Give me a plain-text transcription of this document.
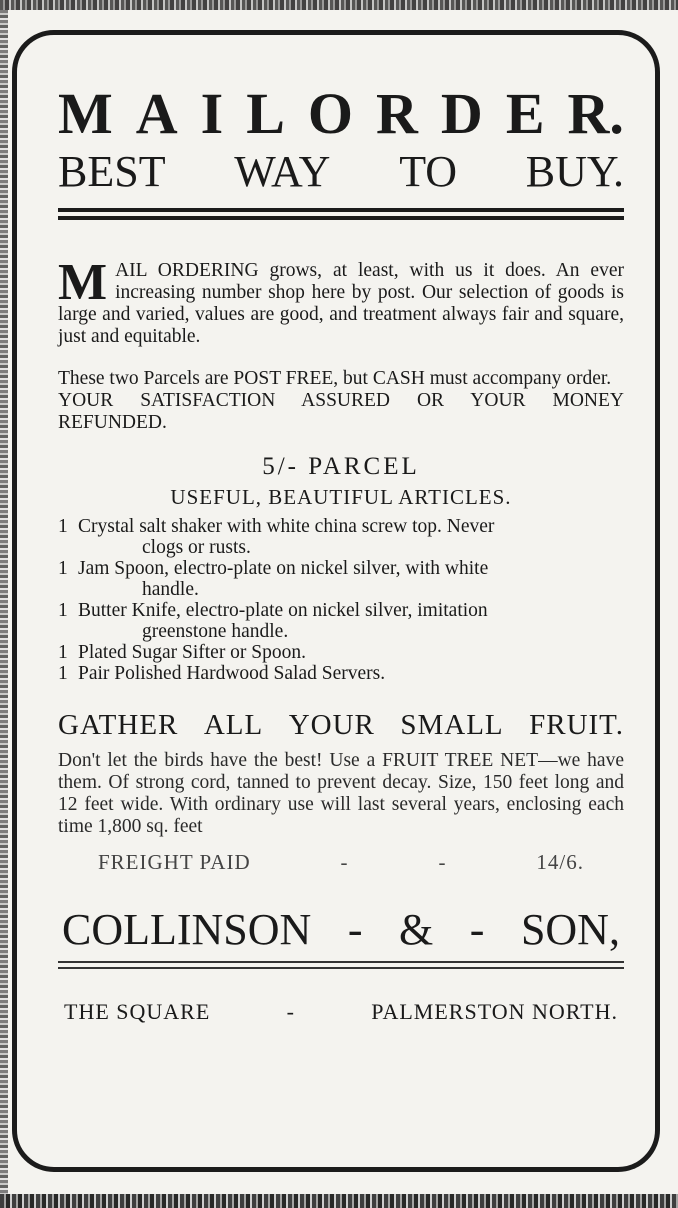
M A I L O R D E R.
BEST WAY TO BUY.

M AIL ORDERING grows, at least, with us it does. An ever increasing number shop here by post. Our selection of goods is large and varied, values are good, and treatment always fair and square, just and equitable.

These two Parcels are POST FREE, but CASH must accompany order.

YOUR SATISFACTION ASSURED OR YOUR MONEY REFUNDED.

5/- PARCEL
USEFUL, BEAUTIFUL ARTICLES.
1 Crystal salt shaker with white china screw top. Never
clogs or rusts.
1 Jam Spoon, electro-plate on nickel silver, with white
handle.
1 Butter Knife, electro-plate on nickel silver, imitation
greenstone handle.
1 Plated Sugar Sifter or Spoon.
1 Pair Polished Hardwood Salad Servers.
GATHER ALL YOUR SMALL FRUIT.

Don't let the birds have the best! Use a FRUIT TREE NET—we have them. Of strong cord, tanned to prevent decay. Size, 150 feet long and 12 feet wide. With ordinary use will last several years, enclosing each time 1,800 sq. feet

FREIGHT PAID	-	-	14/6.
COLLINSON - & - SON,
THE SQUARE	-	PALMERSTON NORTH.
